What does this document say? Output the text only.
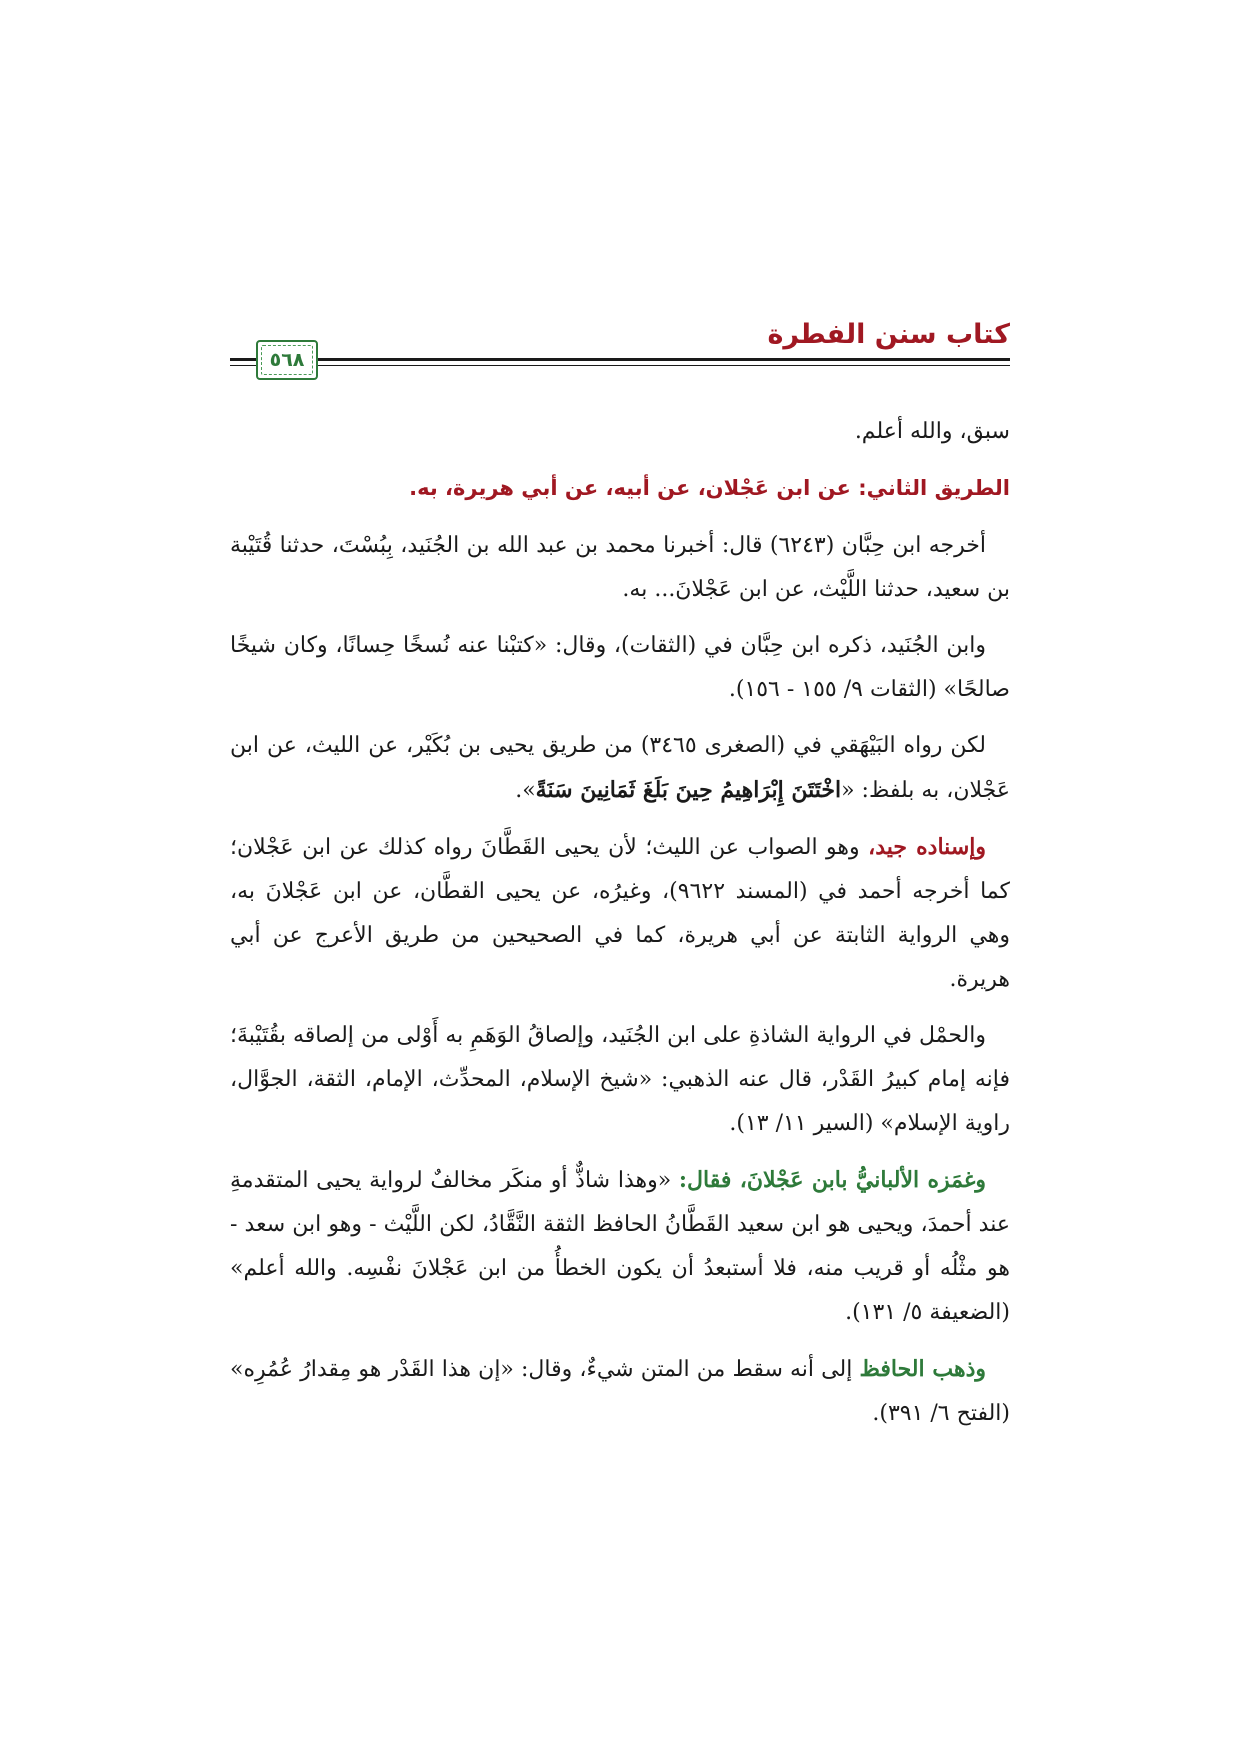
كتاب سنن الفطرة
٥٦٨

سبق، والله أعلم.

الطريق الثاني: عن ابن عَجْلان، عن أبيه، عن أبي هريرة، به.

أخرجه ابن حِبَّان (٦٢٤٣) قال: أخبرنا محمد بن عبد الله بن الجُنَيد، بِبُسْتَ، حدثنا قُتَيْبة بن سعيد، حدثنا اللَّيْث، عن ابن عَجْلانَ... به.

وابن الجُنَيد، ذكره ابن حِبَّان في (الثقات)، وقال: «كتبْنا عنه نُسخًا حِسانًا، وكان شيخًا صالحًا» (الثقات ٩/ ١٥٥ - ١٥٦).

لكن رواه البَيْهَقي في (الصغرى ٣٤٦٥) من طريق يحيى بن بُكَيْر، عن الليث، عن ابن عَجْلان، به بلفظ: «اخْتَتَنَ إِبْرَاهِيمُ حِينَ بَلَغَ ثَمَانِينَ سَنَةً».

وإسناده جيد، وهو الصواب عن الليث؛ لأن يحيى القَطَّانَ رواه كذلك عن ابن عَجْلان؛ كما أخرجه أحمد في (المسند ٩٦٢٢)، وغيرُه، عن يحيى القطَّان، عن ابن عَجْلانَ به، وهي الرواية الثابتة عن أبي هريرة، كما في الصحيحين من طريق الأعرج عن أبي هريرة.

والحمْل في الرواية الشاذةِ على ابن الجُنَيد، وإلصاقُ الوَهَمِ به أَوْلى من إلصاقه بقُتَيْبةَ؛ فإنه إمام كبيرُ القَدْر، قال عنه الذهبي: «شيخ الإسلام، المحدِّث، الإمام، الثقة، الجوَّال، راوية الإسلام» (السير ١١/ ١٣).

وغمَزه الألبانيُّ بابن عَجْلانَ، فقال: «وهذا شاذٌّ أو منكَر مخالفٌ لرواية يحيى المتقدمةِ عند أحمدَ، ويحيى هو ابن سعيد القَطَّانُ الحافظ الثقة النَّقَّادُ، لكن اللَّيْث - وهو ابن سعد - هو مثْلُه أو قريب منه، فلا أستبعدُ أن يكون الخطأُ من ابن عَجْلانَ نفْسِه. والله أعلم» (الضعيفة ٥/ ١٣١).

وذهب الحافظ إلى أنه سقط من المتن شيءٌ، وقال: «إن هذا القَدْر هو مِقدارُ عُمُرِه» (الفتح ٦/ ٣٩١).
